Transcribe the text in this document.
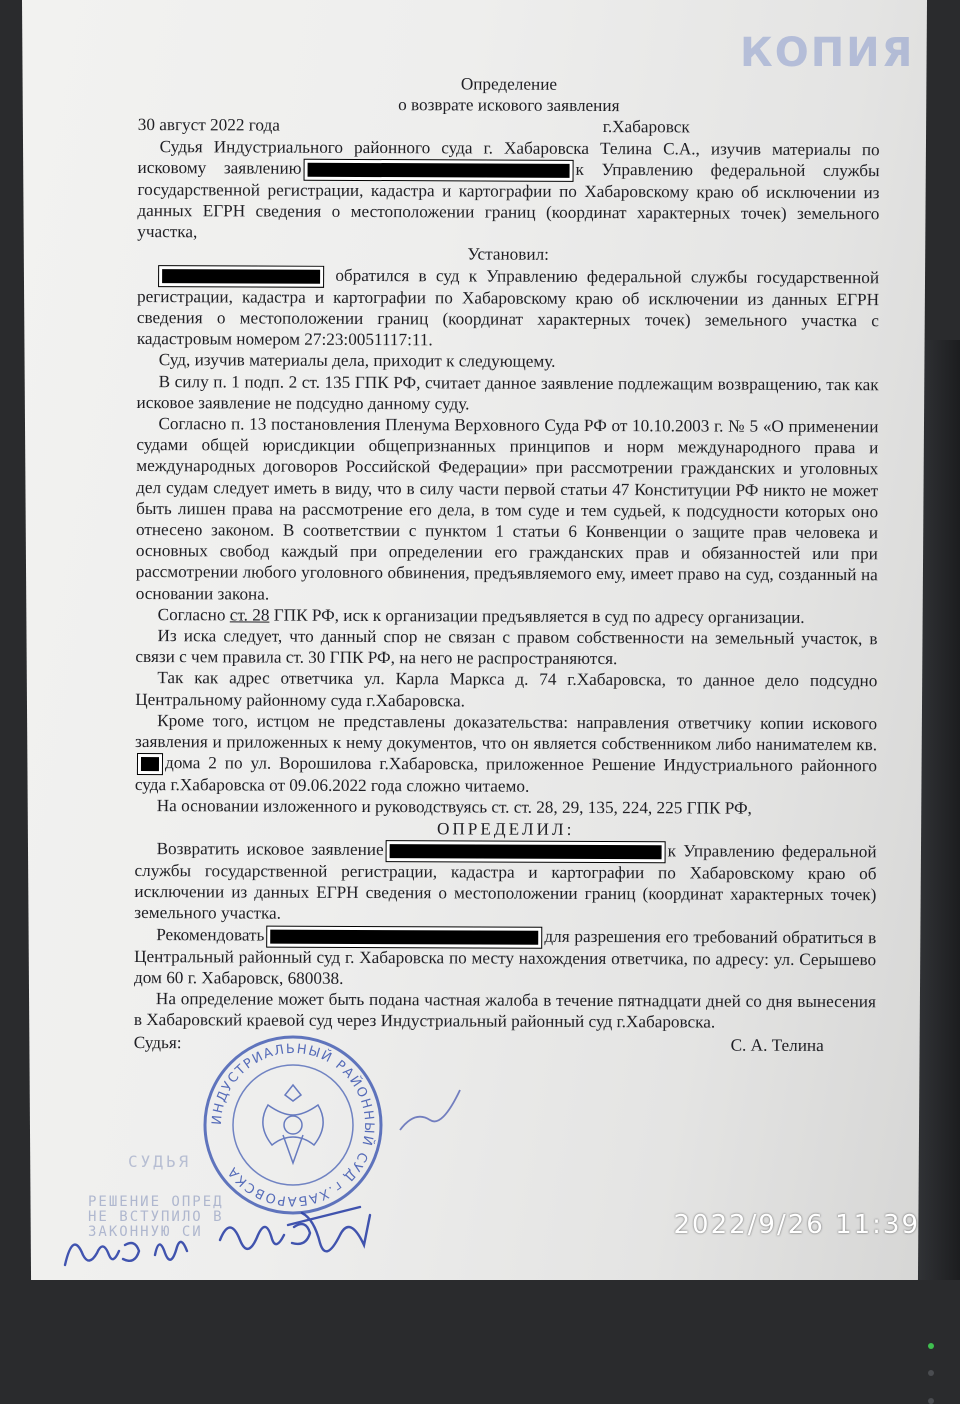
КОПИЯ

Определение

о возврате искового заявления

30 август 2022 года	г.Хабаровск

Судья Индустриального районного суда г. Хабаровска Телина С.А., изучив материалы по исковому заявлению	к Управлению федеральной службы государственной регистрации, кадастра и картографии по Хабаровскому краю об исключении из данных ЕГРН сведения о местоположении границ (координат характерных точек) земельного участка,

Установил:

обратился в суд к Управлению федеральной службы государственной регистрации, кадастра и картографии по Хабаровскому краю об исключении из данных ЕГРН сведения о местоположении границ (координат характерных точек) земельного участка с кадастровым номером 27:23:0051117:11.

Суд, изучив материалы дела, приходит к следующему.

В силу п. 1 подп. 2 ст. 135 ГПК РФ, считает данное заявление подлежащим возвращению, так как исковое заявление не подсудно данному суду.

Согласно п. 13 постановления Пленума Верховного Суда РФ от 10.10.2003 г. № 5 «О применении судами общей юрисдикции общепризнанных принципов и норм международного права и международных договоров Российской Федерации» при рассмотрении гражданских и уголовных дел судам следует иметь в виду, что в силу части первой статьи 47 Конституции РФ никто не может быть лишен права на рассмотрение его дела, в том суде и тем судьей, к подсудности которых оно отнесено законом. В соответствии с пунктом 1 статьи 6 Конвенции о защите прав человека и основных свобод каждый при определении его гражданских прав и обязанностей или при рассмотрении любого уголовного обвинения, предъявляемого ему, имеет право на суд, созданный на основании закона.

Согласно ст. 28 ГПК РФ, иск к организации предъявляется в суд по адресу организации.

Из иска следует, что данный спор не связан с правом собственности на земельный участок, в связи с чем правила ст. 30 ГПК РФ, на него не распространяются.

Так как адрес ответчика ул. Карла Маркса д. 74 г.Хабаровска, то данное дело подсудно Центральному районному суда г.Хабаровска.

Кроме того, истцом не представлены доказательства: направления ответчику копии искового заявления и приложенных к нему документов, что он является собственником либо нанимателем кв.дома 2 по ул. Ворошилова г.Хабаровска, приложенное Решение Индустриального районного суда г.Хабаровска от 09.06.2022 года сложно читаемо.

На основании изложенного и руководствуясь ст. ст. 28, 29, 135, 224, 225 ГПК РФ,

ОПРЕДЕЛИЛ:

Возвратить исковое заявление	к Управлению федеральной службы государственной регистрации, кадастра и картографии по Хабаровскому краю об исключении из данных ЕГРН сведения о местоположении границ (координат характерных точек) земельного участка.

Рекомендовать	для разрешения его требований обратиться в Центральный районный суд г. Хабаровска по месту нахождения ответчика, по адресу: ул. Серышево дом 60 г. Хабаровск, 680038.

На определение может быть подана частная жалоба в течение пятнадцати дней со дня вынесения в Хабаровский краевой суд через Индустриальный районный суд г.Хабаровска.

Судья:	С. А. Телина
СУДЬЯ
РЕШЕНИЕ ОПРЕД
НЕ ВСТУПИЛО В
ЗАКОННУЮ СИ
ИНДУСТРИАЛЬНЫЙ РАЙОННЫЙ СУД г.ХАБАРОВСКА
2022/9/26 11:39
